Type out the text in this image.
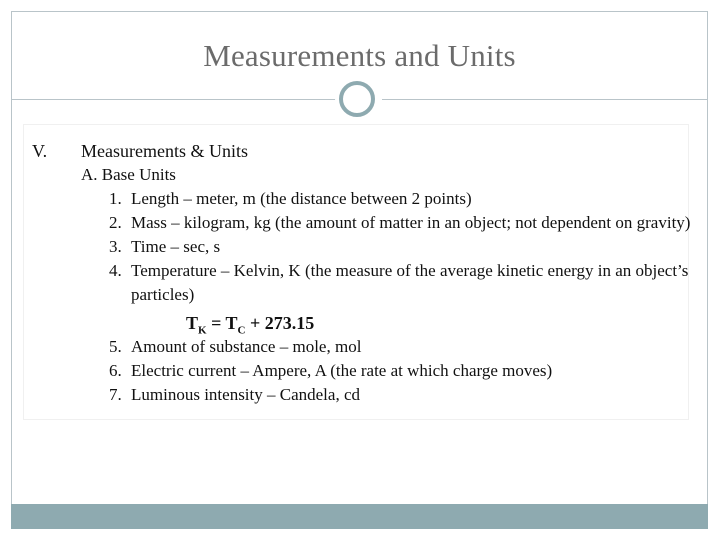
Measurements and Units
V. Measurements & Units
A. Base Units
1. Length – meter, m (the distance between 2 points)
2. Mass – kilogram, kg (the amount of matter in an object; not dependent on gravity)
3. Time – sec, s
4. Temperature – Kelvin, K (the measure of the average kinetic energy in an object’s
particles)
$T_K = T_C + 273.15$
5. Amount of substance – mole, mol
6. Electric current – Ampere, A (the rate at which charge moves)
7. Luminous intensity – Candela, cd
